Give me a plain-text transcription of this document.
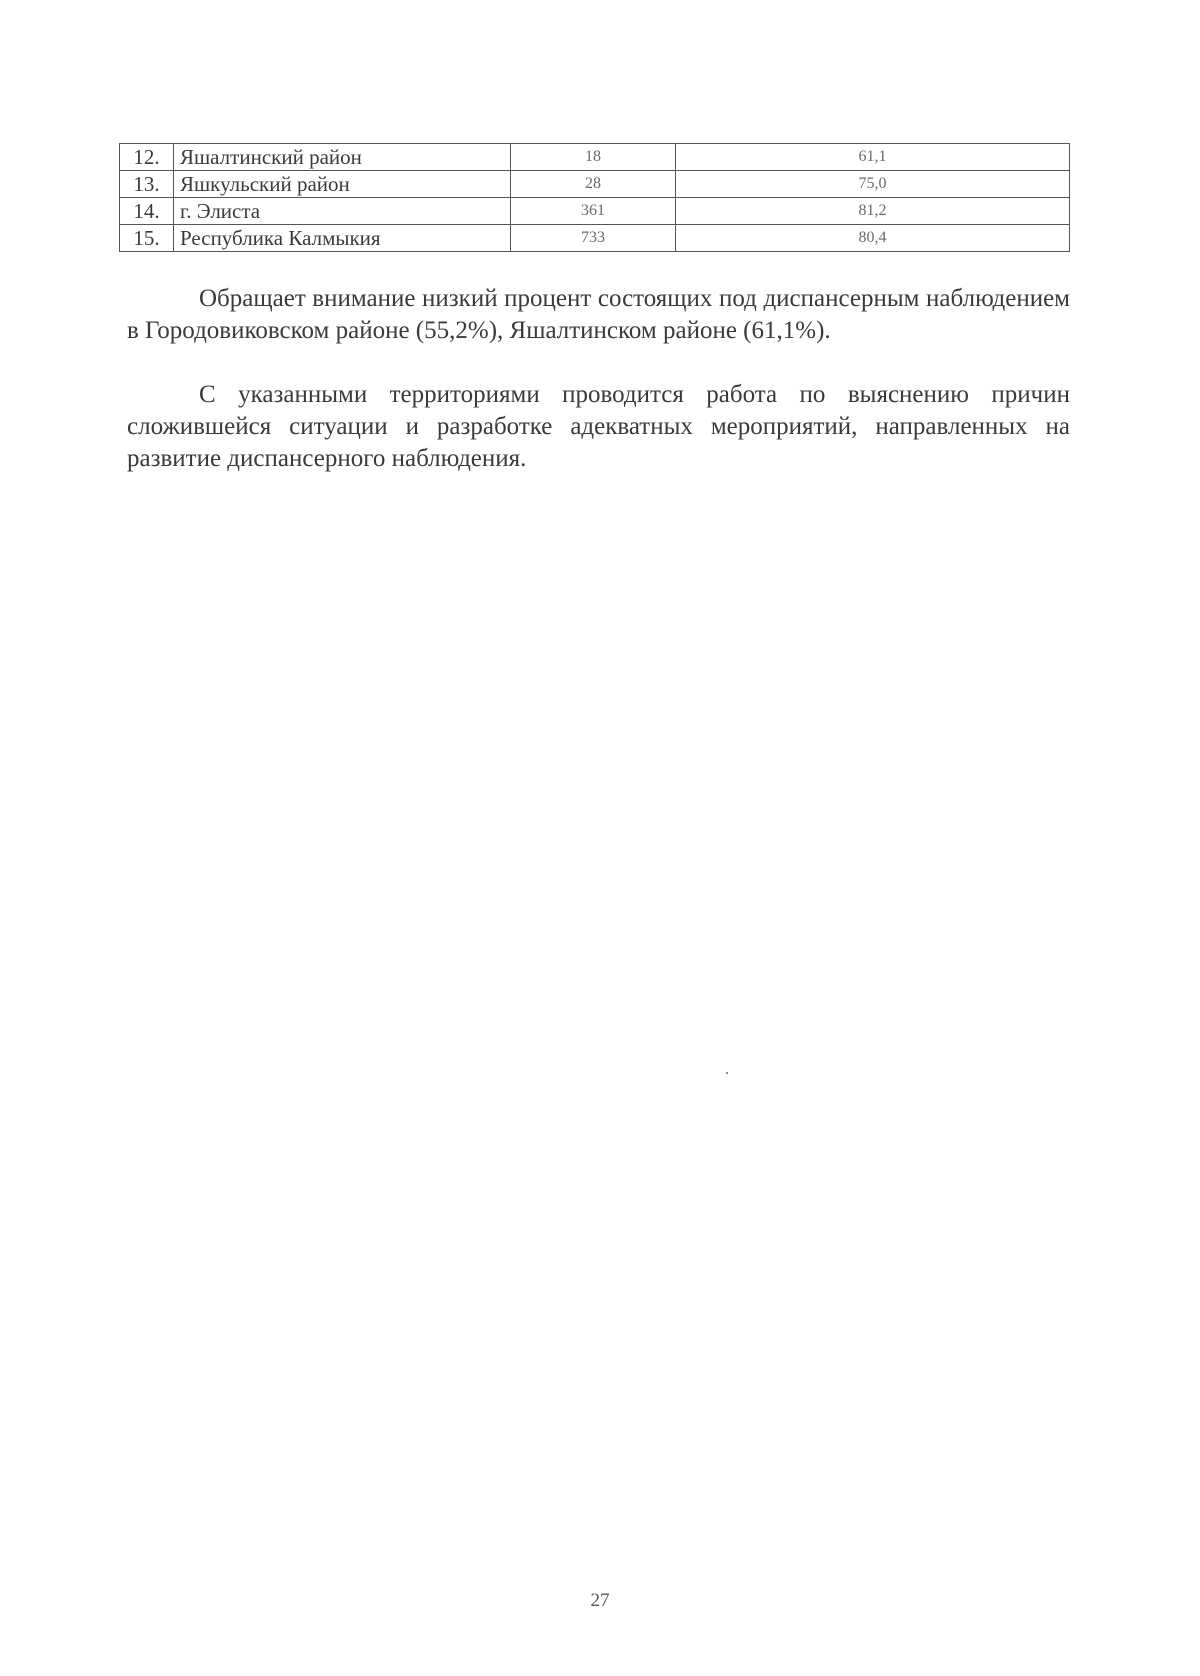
12.	Яшалтинский район	18	61,1
13.	Яшкульский район	28	75,0
14.	г. Элиста	361	81,2
15.	Республика Калмыкия	733	80,4

Обращает внимание низкий процент состоящих под диспансерным наблюдением в Городовиковском районе (55,2%), Яшалтинском районе (61,1%).

С указанными территориями проводится работа по выяснению причин сложившейся ситуации и разработке адекватных мероприятий, направленных на развитие диспансерного наблюдения.

27
